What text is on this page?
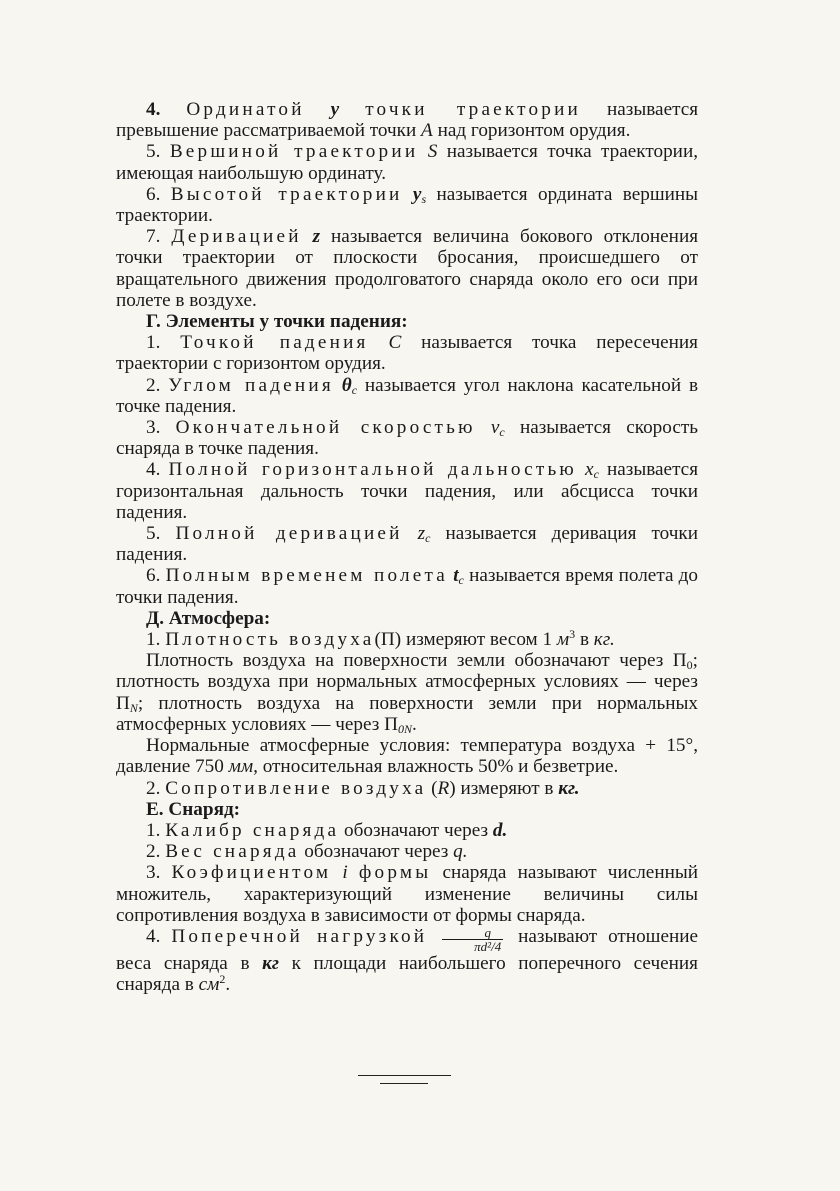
4. Ординатой y точки траектории называется превышение рассматриваемой точки A над горизонтом орудия.

5. Вершиной траектории S называется точка траектории, имеющая наибольшую ординату.

6. Высотой траектории $y_s$ называется ордината вершины траектории.

7. Деривацией z называется величина бокового отклонения точки траектории от плоскости бросания, происшедшего от вращательного движения продолговатого снаряда около его оси при полете в воздухе.

Г. Элементы у точки падения:

1. Точкой падения C называется точка пересечения траектории с горизонтом орудия.

2. Углом падения $\theta_c$ называется угол наклона касательной в точке падения.

3. Окончательной скоростью $v_c$ называется скорость снаряда в точке падения.

4. Полной горизонтальной дальностью $x_c$ называется горизонтальная дальность точки падения, или абсцисса точки падения.

5. Полной деривацией $z_c$ называется деривация точки падения.

6. Полным временем полета $t_c$ называется время полета до точки падения.

Д. Атмосфера:

1. Плотность воздуха(П) измеряют весом 1 $м^3$ в кг.

Плотность воздуха на поверхности земли обозначают через $П_0$; плотность воздуха при нормальных атмосферных условиях — через $П_N$; плотность воздуха на поверхности земли при нормальных атмосферных условиях — через $П_{0N}$.

Нормальные атмосферные условия: температура воздуха + 15°, давление 750 мм, относительная влажность 50% и безветрие.

2. Сопротивление воздуха (R) измеряют в кг.

Е. Снаряд:

1. Калибр снаряда обозначают через d.

2. Вес снаряда обозначают через q.

3. Коэфициентом i формы снаряда называют численный множитель, характеризующий изменение величины силы сопротивления воздуха в зависимости от формы снаряда.

4. Поперечной нагрузкой $\frac{q}{\text{πd²/4}}$ называют отношение веса снаряда в кг к площади наибольшего поперечного сечения снаряда в $см^2$.
